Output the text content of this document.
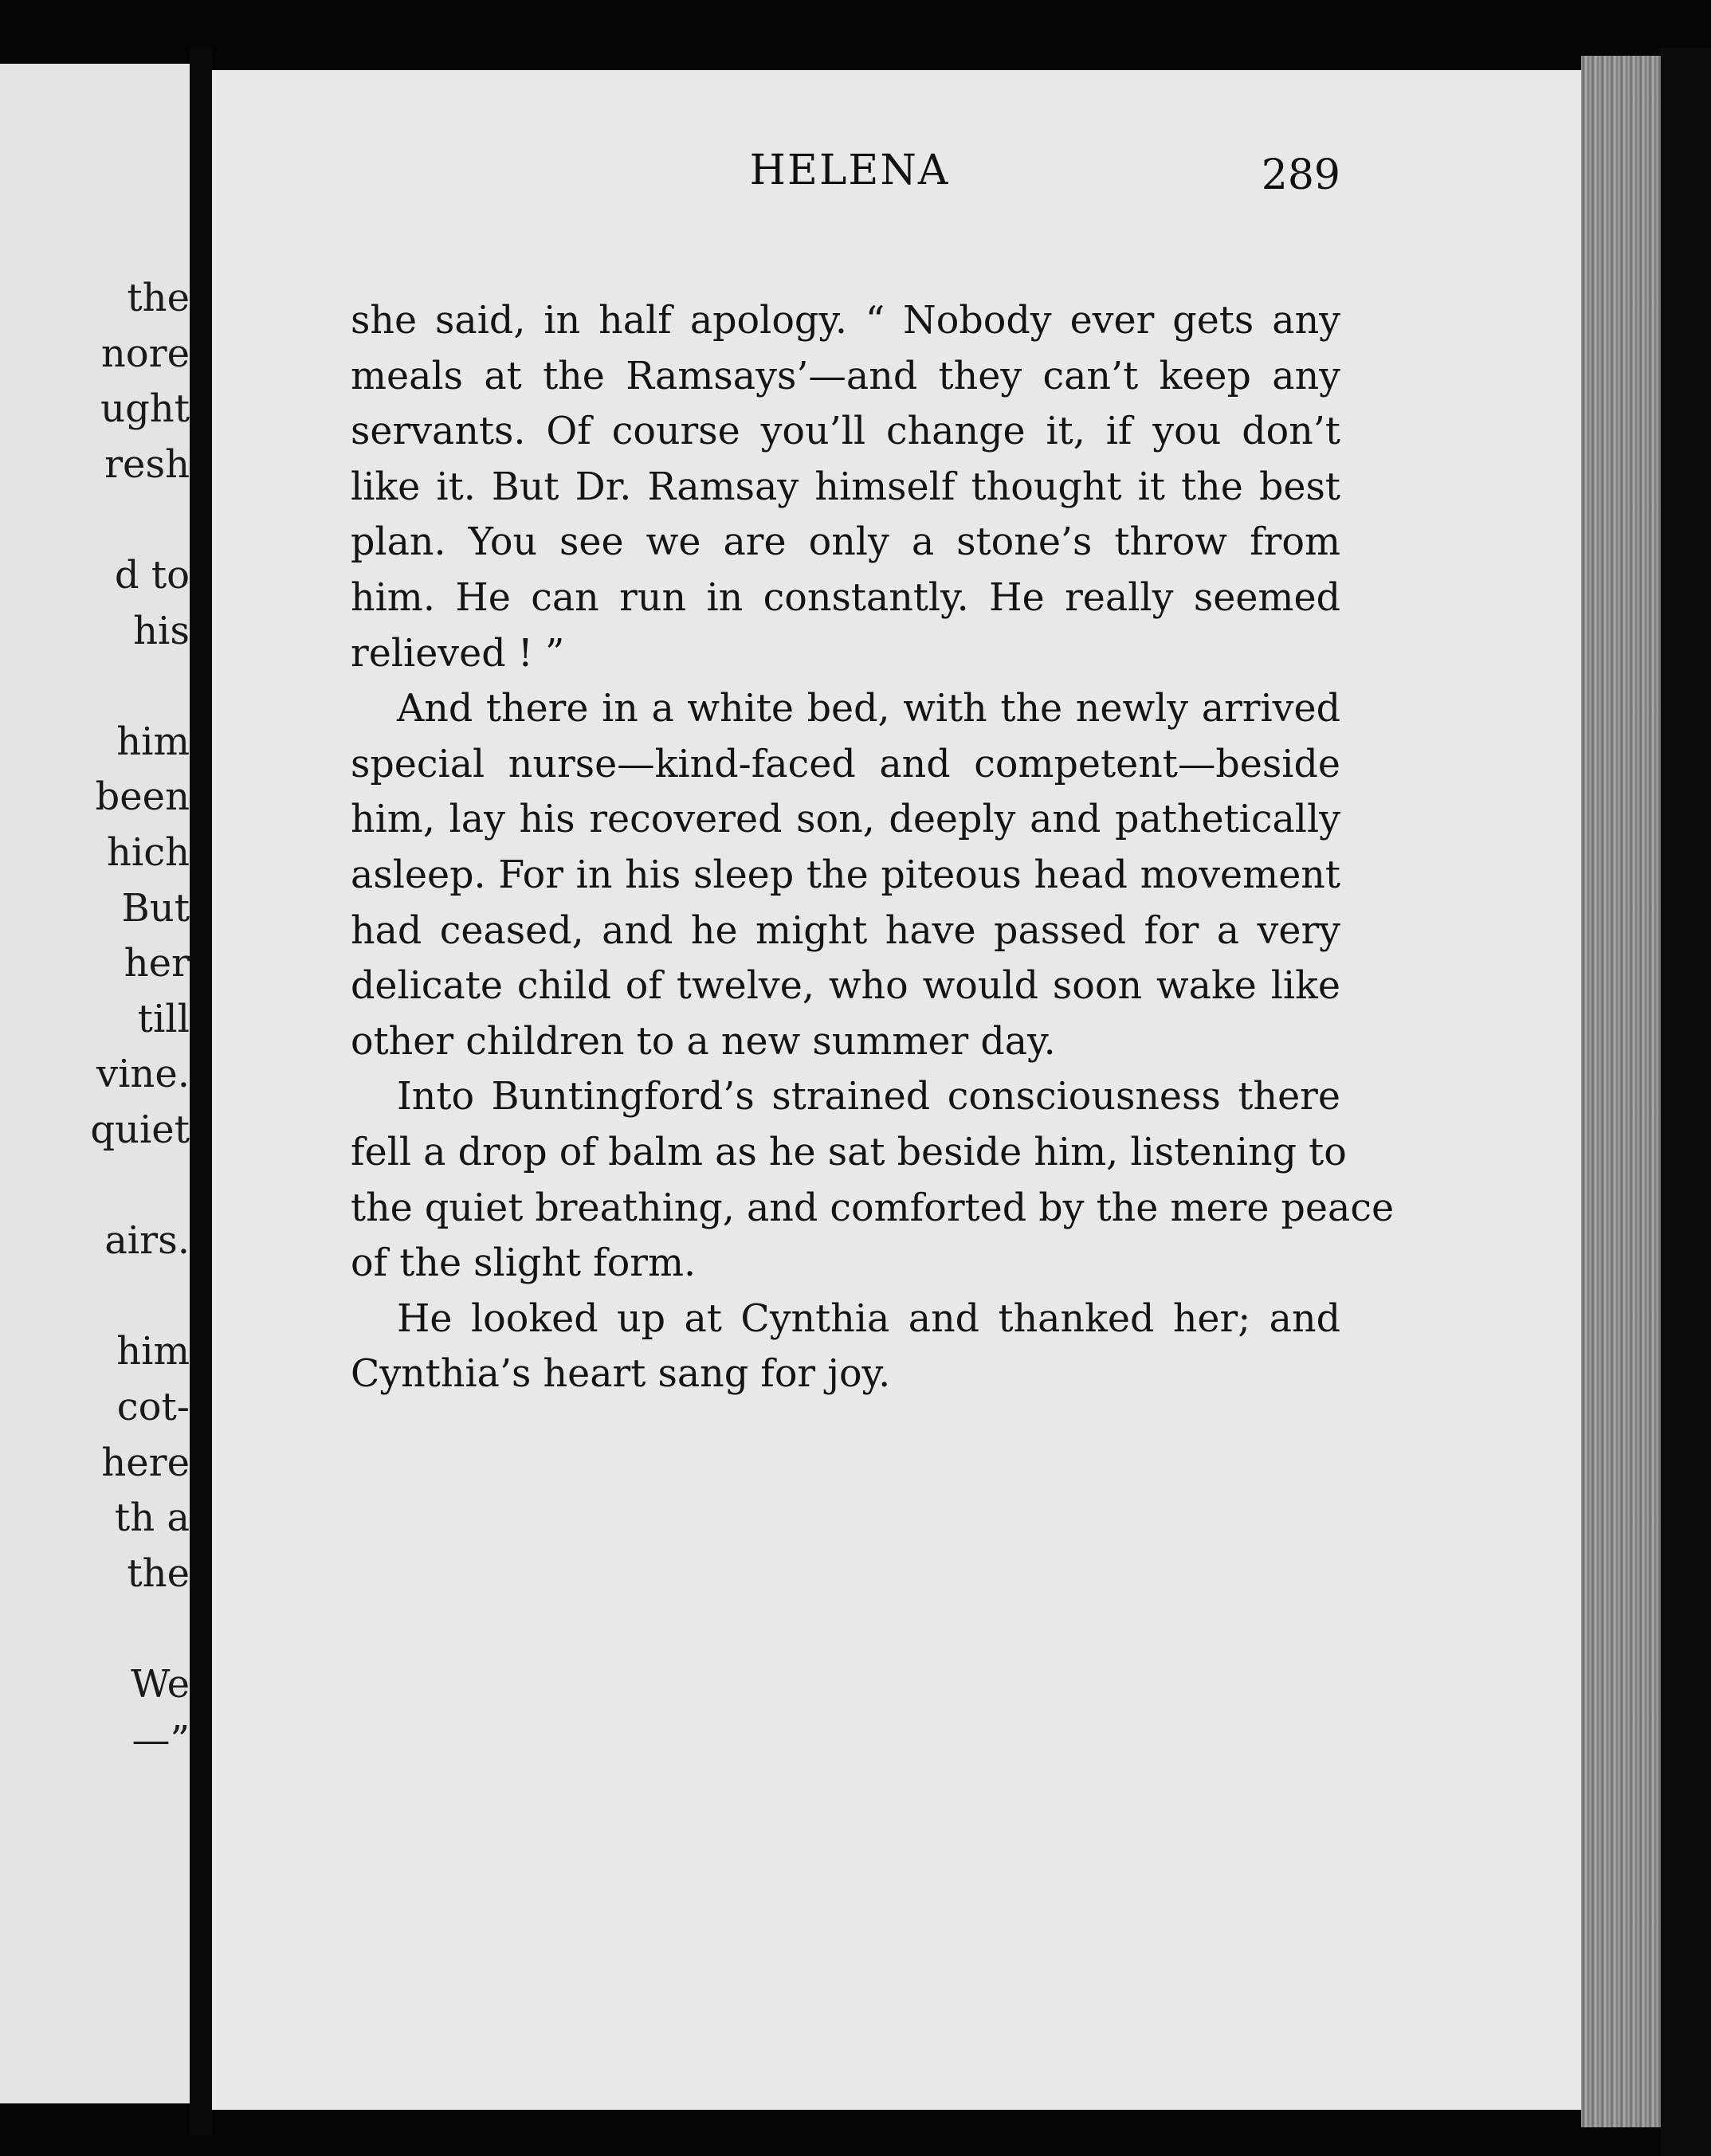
the
nore
ught
resh
d to
his
him
been
hich
But
her
till
vine.
quiet
airs.
him
cot-
here
th a
the
We
—”
HELENA	289
she said, in half apology. “ Nobody ever gets any
meals at the Ramsays’—and they can’t keep any
servants. Of course you’ll change it, if you don’t
like it. But Dr. Ramsay himself thought it the best
plan. You see we are only a stone’s throw from
him. He can run in constantly. He really seemed
relieved ! ”
And there in a white bed, with the newly arrived
special nurse—kind-faced and competent—beside
him, lay his recovered son, deeply and pathetically
asleep. For in his sleep the piteous head movement
had ceased, and he might have passed for a very
delicate child of twelve, who would soon wake like
other children to a new summer day.
Into Buntingford’s strained consciousness there
fell a drop of balm as he sat beside him, listening to
the quiet breathing, and comforted by the mere peace
of the slight form.
He looked up at Cynthia and thanked her; and
Cynthia’s heart sang for joy.
